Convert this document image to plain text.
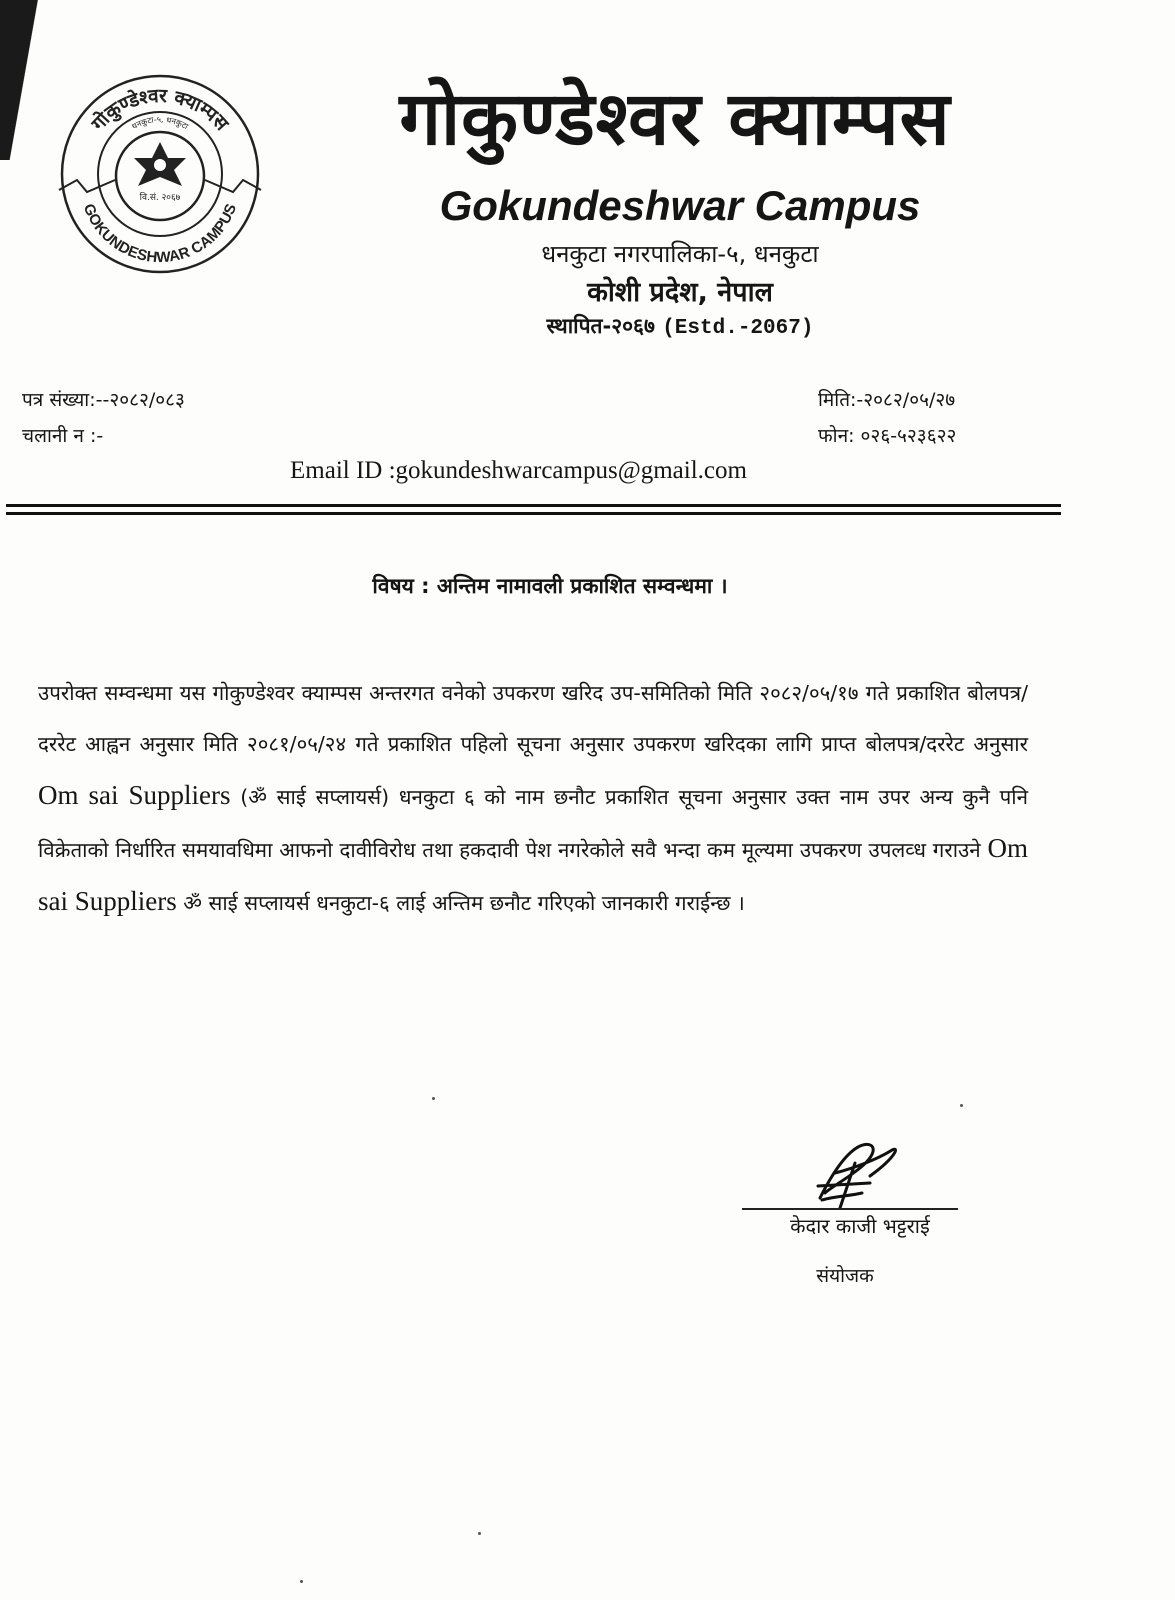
गोकुण्डेश्वर क्याम्पस
धनकुटा-५, धनकुटा
वि.सं. २०६७
GOKUNDESHWAR CAMPUS
गोकुण्डेश्वर क्याम्पस
Gokundeshwar Campus
धनकुटा नगरपालिका-५, धनकुटा
कोशी प्रदेश, नेपाल
स्थापित-२०६७ (Estd.-2067)
पत्र संख्या:--२०८२/०८३
चलानी न :-
मिति:-२०८२/०५/२७
फोन: ०२६-५२३६२२
Email ID :gokundeshwarcampus@gmail.com
विषय : अन्तिम नामावली प्रकाशित सम्वन्धमा ।
उपरोक्त सम्वन्धमा यस गोकुण्डेश्वर क्याम्पस अन्तरगत वनेको उपकरण खरिद उप-समितिको मिति २०८२/०५/१७ गते प्रकाशित बोलपत्र/दररेट आह्वन अनुसार मिति २०८१/०५/२४ गते प्रकाशित पहिलो सूचना अनुसार उपकरण खरिदका लागि प्राप्त बोलपत्र/दररेट अनुसार Om sai Suppliers (ॐ साई सप्लायर्स) धनकुटा ६ को नाम छनौट प्रकाशित सूचना अनुसार उक्त नाम उपर अन्य कुनै पनि विक्रेताको निर्धारित समयावधिमा आफनो दावीविरोध तथा हकदावी पेश नगरेकोले सवै भन्दा कम मूल्यमा उपकरण उपलव्ध गराउने Om sai Suppliers ॐ साई सप्लायर्स धनकुटा-६ लाई अन्तिम छनौट गरिएको जानकारी गराईन्छ ।
केदार काजी भट्टराई
संयोजक
